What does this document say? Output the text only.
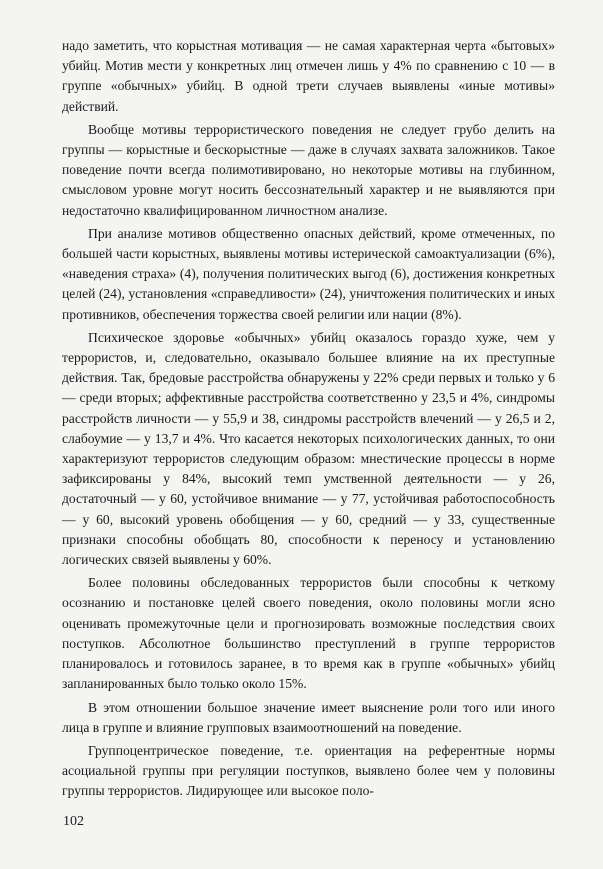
надо заметить, что корыстная мотивация — не самая характерная черта «бытовых» убийц. Мотив мести у конкретных лиц отмечен лишь у 4% по сравнению с 10 — в группе «обычных» убийц. В одной трети случаев выявлены «иные мотивы» действий.

Вообще мотивы террористического поведения не следует грубо делить на группы — корыстные и бескорыстные — даже в случаях захвата заложников. Такое поведение почти всегда полимотивировано, но некоторые мотивы на глубинном, смысловом уровне могут носить бессознательный характер и не выявляются при недостаточно квалифицированном личностном анализе.

При анализе мотивов общественно опасных действий, кроме отмеченных, по большей части корыстных, выявлены мотивы истерической самоактуализации (6%), «наведения страха» (4), получения политических выгод (6), достижения конкретных целей (24), установления «справедливости» (24), уничтожения политических и иных противников, обеспечения торжества своей религии или нации (8%).

Психическое здоровье «обычных» убийц оказалось гораздо хуже, чем у террористов, и, следовательно, оказывало большее влияние на их преступные действия. Так, бредовые расстройства обнаружены у 22% среди первых и только у 6 — среди вторых; аффективные расстройства соответственно у 23,5 и 4%, синдромы расстройств личности — у 55,9 и 38, синдромы расстройств влечений — у 26,5 и 2, слабоумие — у 13,7 и 4%. Что касается некоторых психологических данных, то они характеризуют террористов следующим образом: мнестические процессы в норме зафиксированы у 84%, высокий темп умственной деятельности — у 26, достаточный — у 60, устойчивое внимание — у 77, устойчивая работоспособность — у 60, высокий уровень обобщения — у 60, средний — у 33, существенные признаки способны обобщать 80, способности к переносу и установлению логических связей выявлены у 60%.

Более половины обследованных террористов были способны к четкому осознанию и постановке целей своего поведения, около половины могли ясно оценивать промежуточные цели и прогнозировать возможные последствия своих поступков. Абсолютное большинство преступлений в группе террористов планировалось и готовилось заранее, в то время как в группе «обычных» убийц запланированных было только около 15%.

В этом отношении большое значение имеет выяснение роли того или иного лица в группе и влияние групповых взаимоотношений на поведение.

Группоцентрическое поведение, т.е. ориентация на референтные нормы асоциальной группы при регуляции поступков, выявлено более чем у половины группы террористов. Лидирующее или высокое поло-

102
